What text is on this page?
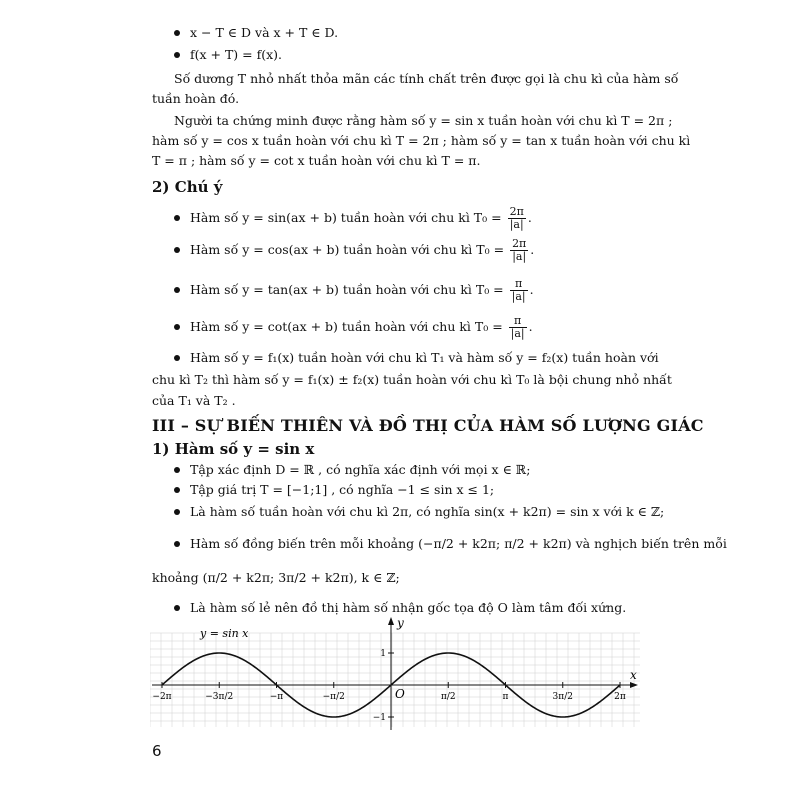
x − T ∈ D và x + T ∈ D.
f(x + T) = f(x).
Số dương T nhỏ nhất thỏa mãn các tính chất trên được gọi là chu kì của hàm số
tuần hoàn đó.
Người ta chứng minh được rằng hàm số y = sin x tuần hoàn với chu kì T = 2π ;
hàm số y = cos x tuần hoàn với chu kì T = 2π ; hàm số y = tan x tuần hoàn với chu kì
T = π ; hàm số y = cot x tuần hoàn với chu kì T = π.
2) Chú ý
Hàm số y = sin(ax + b) tuần hoàn với chu kì $T_0 = \frac{2\pi}{|a|}$ .
Hàm số y = cos(ax + b) tuần hoàn với chu kì $T_0 = \frac{2\pi}{|a|}$ .
Hàm số y = tan(ax + b) tuần hoàn với chu kì $T_0 = \frac{\pi}{|a|}$ .
Hàm số y = cot(ax + b) tuần hoàn với chu kì $T_0 = \frac{\pi}{|a|}$ .
Hàm số y = f₁(x) tuần hoàn với chu kì T₁ và hàm số y = f₂(x) tuần hoàn với
chu kì T₂ thì hàm số y = f₁(x) ± f₂(x) tuần hoàn với chu kì T₀ là bội chung nhỏ nhất
của T₁ và T₂ .
III – SỰ BIẾN THIÊN VÀ ĐỒ THỊ CỦA HÀM SỐ LƯỢNG GIÁC
1) Hàm số y = sin x
Tập xác định D = ℝ , có nghĩa xác định với mọi x ∈ ℝ;
Tập giá trị T = [−1;1] , có nghĩa −1 ≤ sin x ≤ 1;
Là hàm số tuần hoàn với chu kì 2π, có nghĩa sin(x + k2π) = sin x với k ∈ ℤ;
Hàm số đồng biến trên mỗi khoảng (−π/2 + k2π; π/2 + k2π) và nghịch biến trên mỗi
khoảng (π/2 + k2π; 3π/2 + k2π), k ∈ ℤ;
Là hàm số lẻ nên đồ thị hàm số nhận gốc tọa độ O làm tâm đối xứng.
−2π	−3π/2	−π	−π/2	π/2	π	3π/2	2π
y = sin x
x
y
O
1
−1
6
